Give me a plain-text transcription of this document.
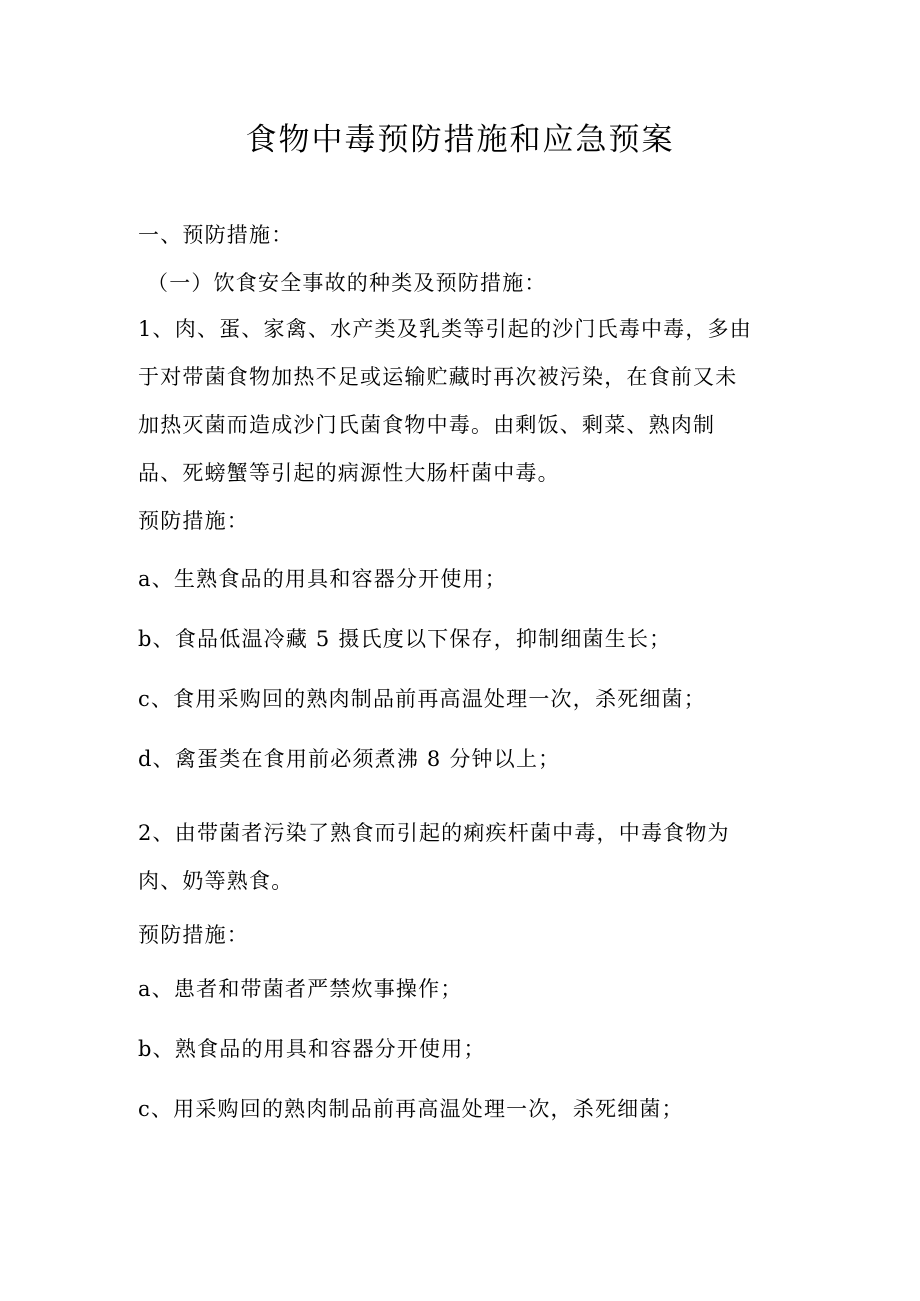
食物中毒预防措施和应急预案
一、预防措施：
（一）饮食安全事故的种类及预防措施：
1、肉、蛋、家禽、水产类及乳类等引起的沙门氏毒中毒，多由
于对带菌食物加热不足或运输贮藏时再次被污染，在食前又未
加热灭菌而造成沙门氏菌食物中毒。由剩饭、剩菜、熟肉制
品、死螃蟹等引起的病源性大肠杆菌中毒。
预防措施：
a、生熟食品的用具和容器分开使用；
b、食品低温冷藏 5 摄氏度以下保存，抑制细菌生长；
c、食用采购回的熟肉制品前再高温处理一次，杀死细菌；
d、禽蛋类在食用前必须煮沸 8 分钟以上；
2、由带菌者污染了熟食而引起的痢疾杆菌中毒，中毒食物为
肉、奶等熟食。
预防措施：
a、患者和带菌者严禁炊事操作；
b、熟食品的用具和容器分开使用；
c、用采购回的熟肉制品前再高温处理一次，杀死细菌；
